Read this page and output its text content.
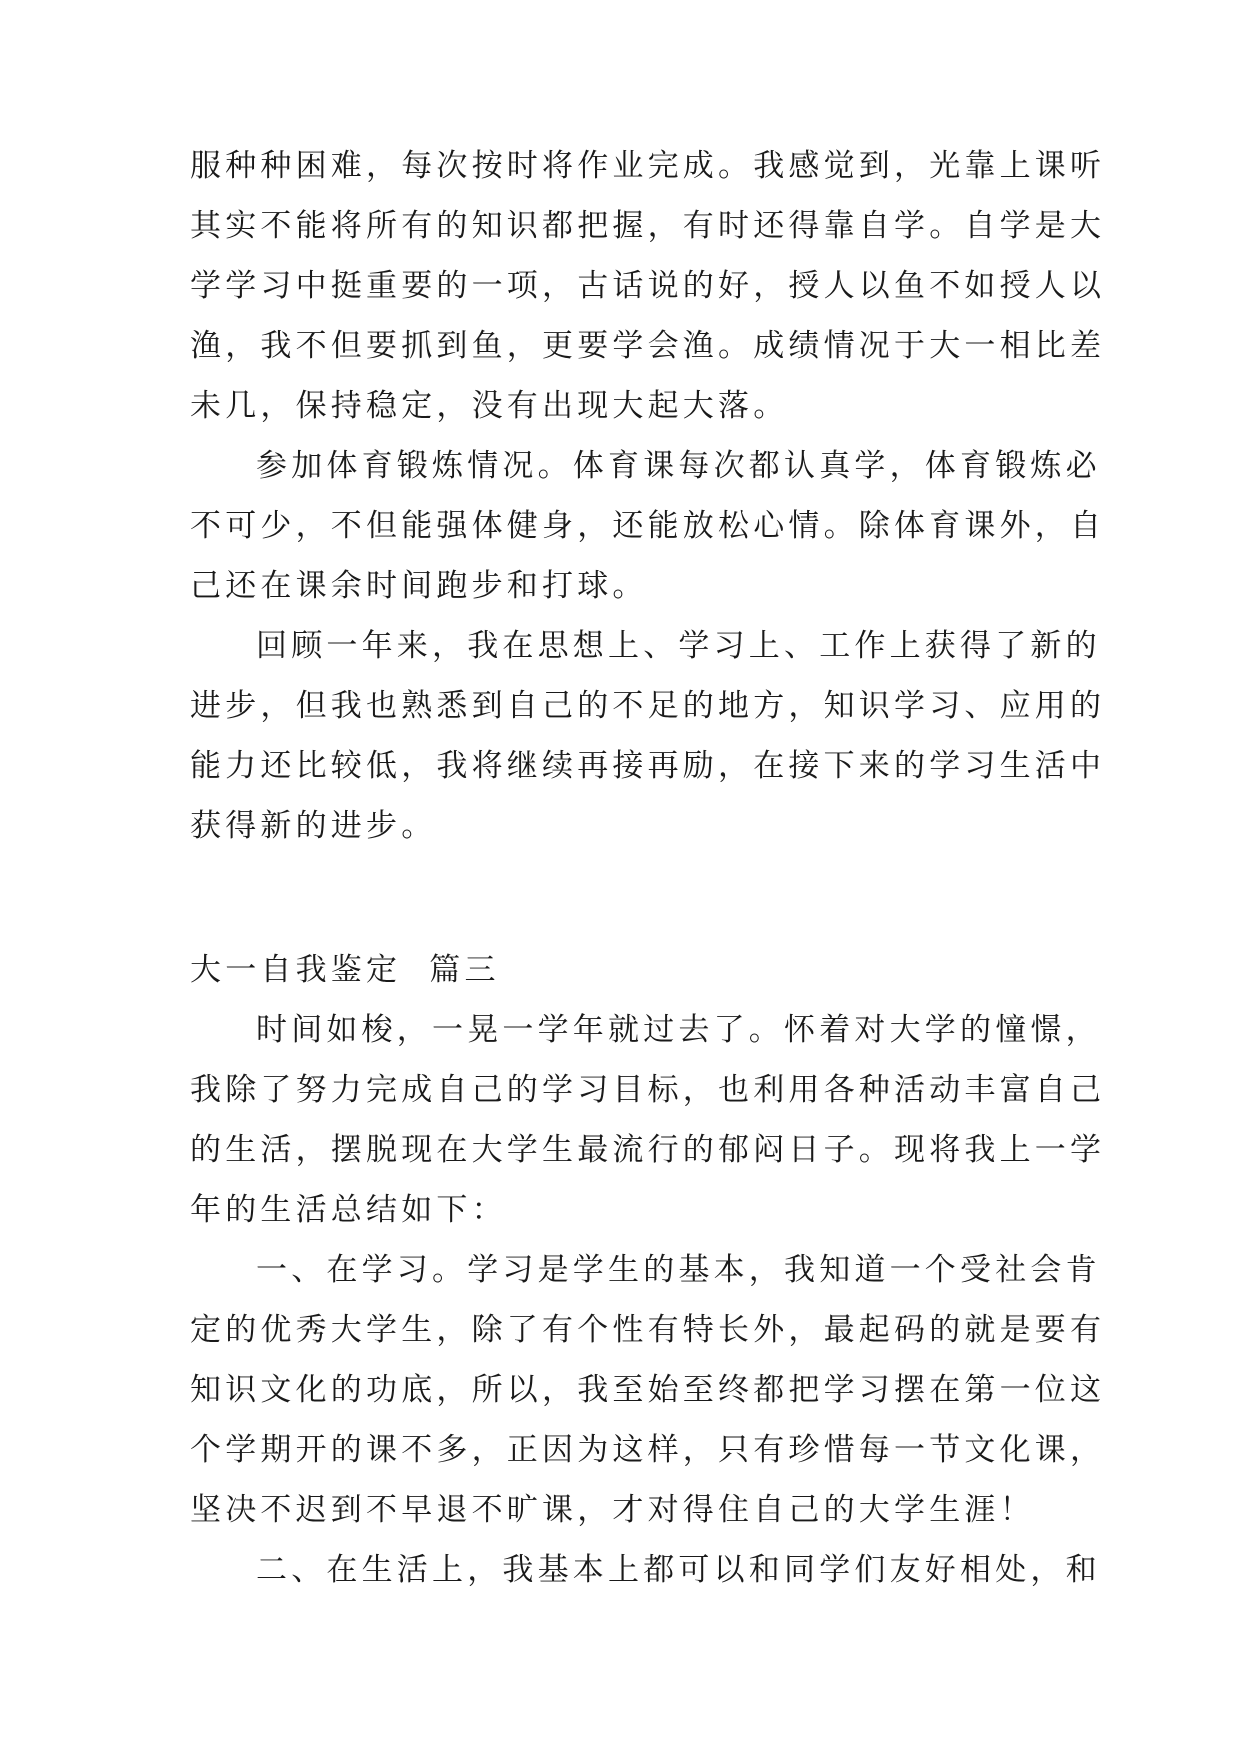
服种种困难，每次按时将作业完成。我感觉到，光靠上课听
其实不能将所有的知识都把握，有时还得靠自学。自学是大
学学习中挺重要的一项，古话说的好，授人以鱼不如授人以
渔，我不但要抓到鱼，更要学会渔。成绩情况于大一相比差
未几，保持稳定，没有出现大起大落。
参加体育锻炼情况。体育课每次都认真学，体育锻炼必
不可少，不但能强体健身，还能放松心情。除体育课外，自
己还在课余时间跑步和打球。
回顾一年来，我在思想上、学习上、工作上获得了新的
进步，但我也熟悉到自己的不足的地方，知识学习、应用的
能力还比较低，我将继续再接再励，在接下来的学习生活中
获得新的进步。
大一自我鉴定  篇三
时间如梭，一晃一学年就过去了。怀着对大学的憧憬，
我除了努力完成自己的学习目标，也利用各种活动丰富自己
的生活，摆脱现在大学生最流行的郁闷日子。现将我上一学
年的生活总结如下：
一、在学习。学习是学生的基本，我知道一个受社会肯
定的优秀大学生，除了有个性有特长外，最起码的就是要有
知识文化的功底，所以，我至始至终都把学习摆在第一位这
个学期开的课不多，正因为这样，只有珍惜每一节文化课，
坚决不迟到不早退不旷课，才对得住自己的大学生涯！
二、在生活上，我基本上都可以和同学们友好相处，和
